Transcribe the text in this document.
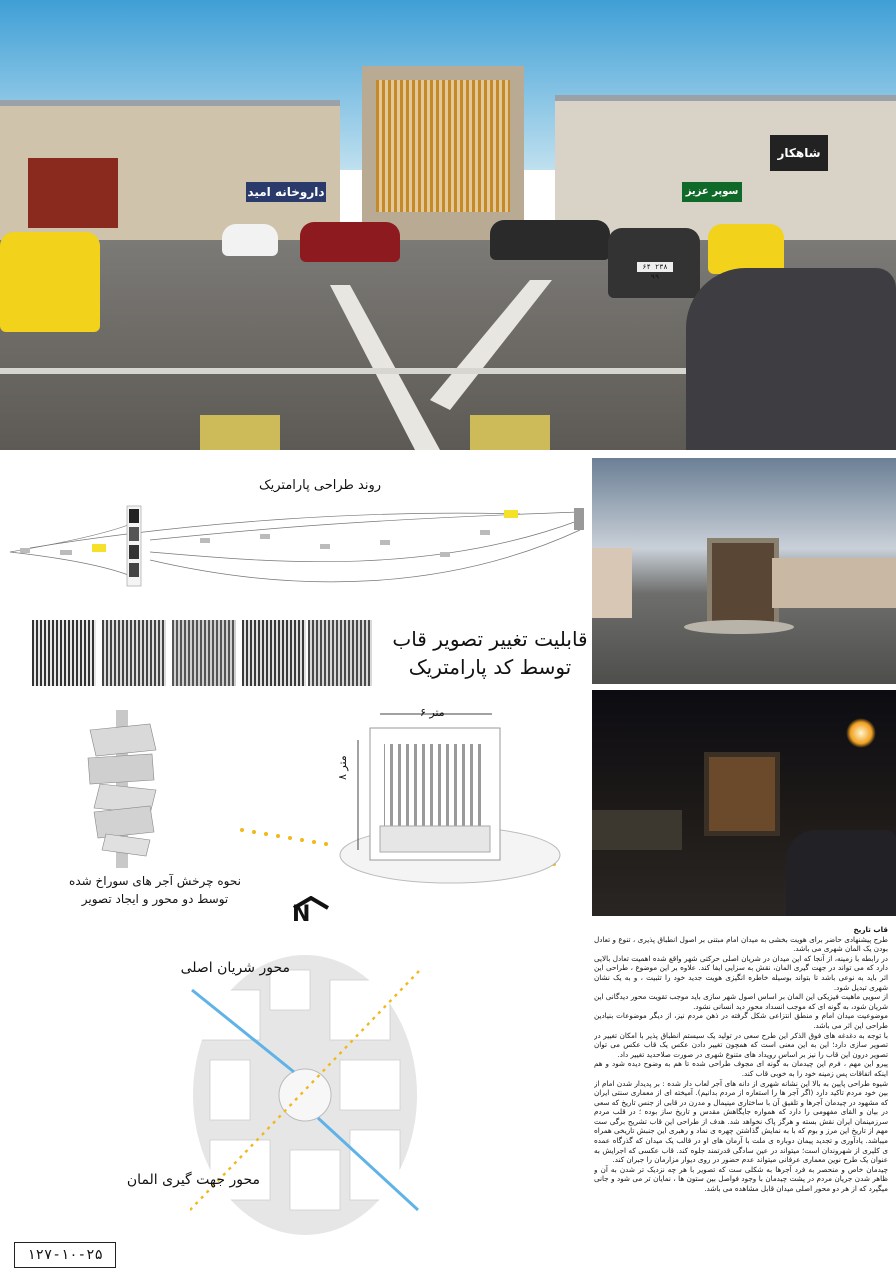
داروخانه امید	سوپر عزیز
شاهکار
۶۴ ۲۳۸ ۹۹
روند طراحی پارامتریک
قابلیت تغییر تصویر قاب
توسط کد پارامتریک
نحوه چرخش آجر های سوراخ شده
توسط دو محور و ایجاد تصویر
۶ متر
۸ متر
N
محور شریان اصلی
محور جهت گیری المان

قاب تاریخ

طرح پیشنهادی حاضر برای هویت بخشی به میدان امام مبتنی بر اصول انطباق پذیری ، تنوع و تعادل بودن یک المان شهری می باشد.

در رابطه با زمینه، از آنجا که این میدان در شریان اصلی حرکتی شهر واقع شده اهمیت تعادل بالایی دارد که می تواند در جهت گیری المان، نقش به سزایی ایفا کند. علاوه بر این موضوع ، طراحی این اثر باید به نوعی باشد تا بتواند بوسیله خاطره انگیزی هویت جدید خود را تثبیت ، و به یک نشان شهری تبدیل شود.

از سویی ماهیت فیزیکی این المان بر اساس اصول شهر سازی باید موجب تقویت محور دیدگانی این شریان شود، به گونه ای که موجب انسداد محور دید انسانی نشود.

موضوعیت میدان امام و منطق انتزاعی شکل گرفته در ذهن مردم نیز، از دیگر موضوعات بنیادین طراحی این اثر می باشد.

با توجه به دغدغه های فوق الذکر این طرح سعی در تولید یک سیستم انطباق پذیر با امکان تغییر در تصویر سازی دارد؛ این به این معنی است که همچون تغییر دادن عکس یک قاب عکس می توان تصویر درون این قاب را نیز بر اساس رویداد های متنوع شهری در صورت صلاحدید تغییر داد.

پیرو این مهم ، فرم این چیدمان به گونه ای مجوف طراحی شده تا هم به وضوح دیده شود و هم اینکه اتفاقات پس زمینه خود را به خوبی قاب کند.

شیوه طراحی پایین به بالا این نشانه شهری از دانه های آجر لعاب دار شده : بر پدیدار شدن امام از بین خود مردم تاکید دارد (اگر آجر ها را استعاره از مردم بدانیم). آمیخته ای از معماری سنتی ایران که مشهود در چیدمان آجرها و تلفیق آن با ساختاری مینیمال و مدرن در قابی از جنس تاریخ که سعی در بیان و القای مفهومی را دارد که همواره جایگاهش مقدس و تاریخ ساز بوده ؛ در قلب مردم سرزمینمان ایران نقش بسته و هرگز پاک نخواهد شد. هدف از طراحی این قاب تشریح برگی ست مهم از تاریخ این مرز و بوم که با به نمایش گذاشتن چهره ی نماد و رهبری این جنبش تاریخی همراه میباشد. یادآوری و تجدید پیمان دوباره ی ملت با آرمان های او در قالب یک میدان که گذرگاه عمده ی کلیری از شهروندان است؛ میتواند در عین سادگی قدرتمند جلوه کند. قاب عکسی که اجرایش به عنوان یک طرح نوین معماری عرفانی میتواند عدم حضور در روی دیوار مزارمان را جبران کند.

چیدمان خاص و منحصر به فرد آجرها به شکلی ست که تصویر با هر چه نزدیک تر شدن به آن و ظاهر شدن جریان مردم در پشت چیدمان با وجود فواصل بین ستون ها ، نمایان تر می شود و جانی میگیرد که از هر دو محور اصلی میدان قابل مشاهده می باشد.

۱۲۷-۱۰-۲۵
